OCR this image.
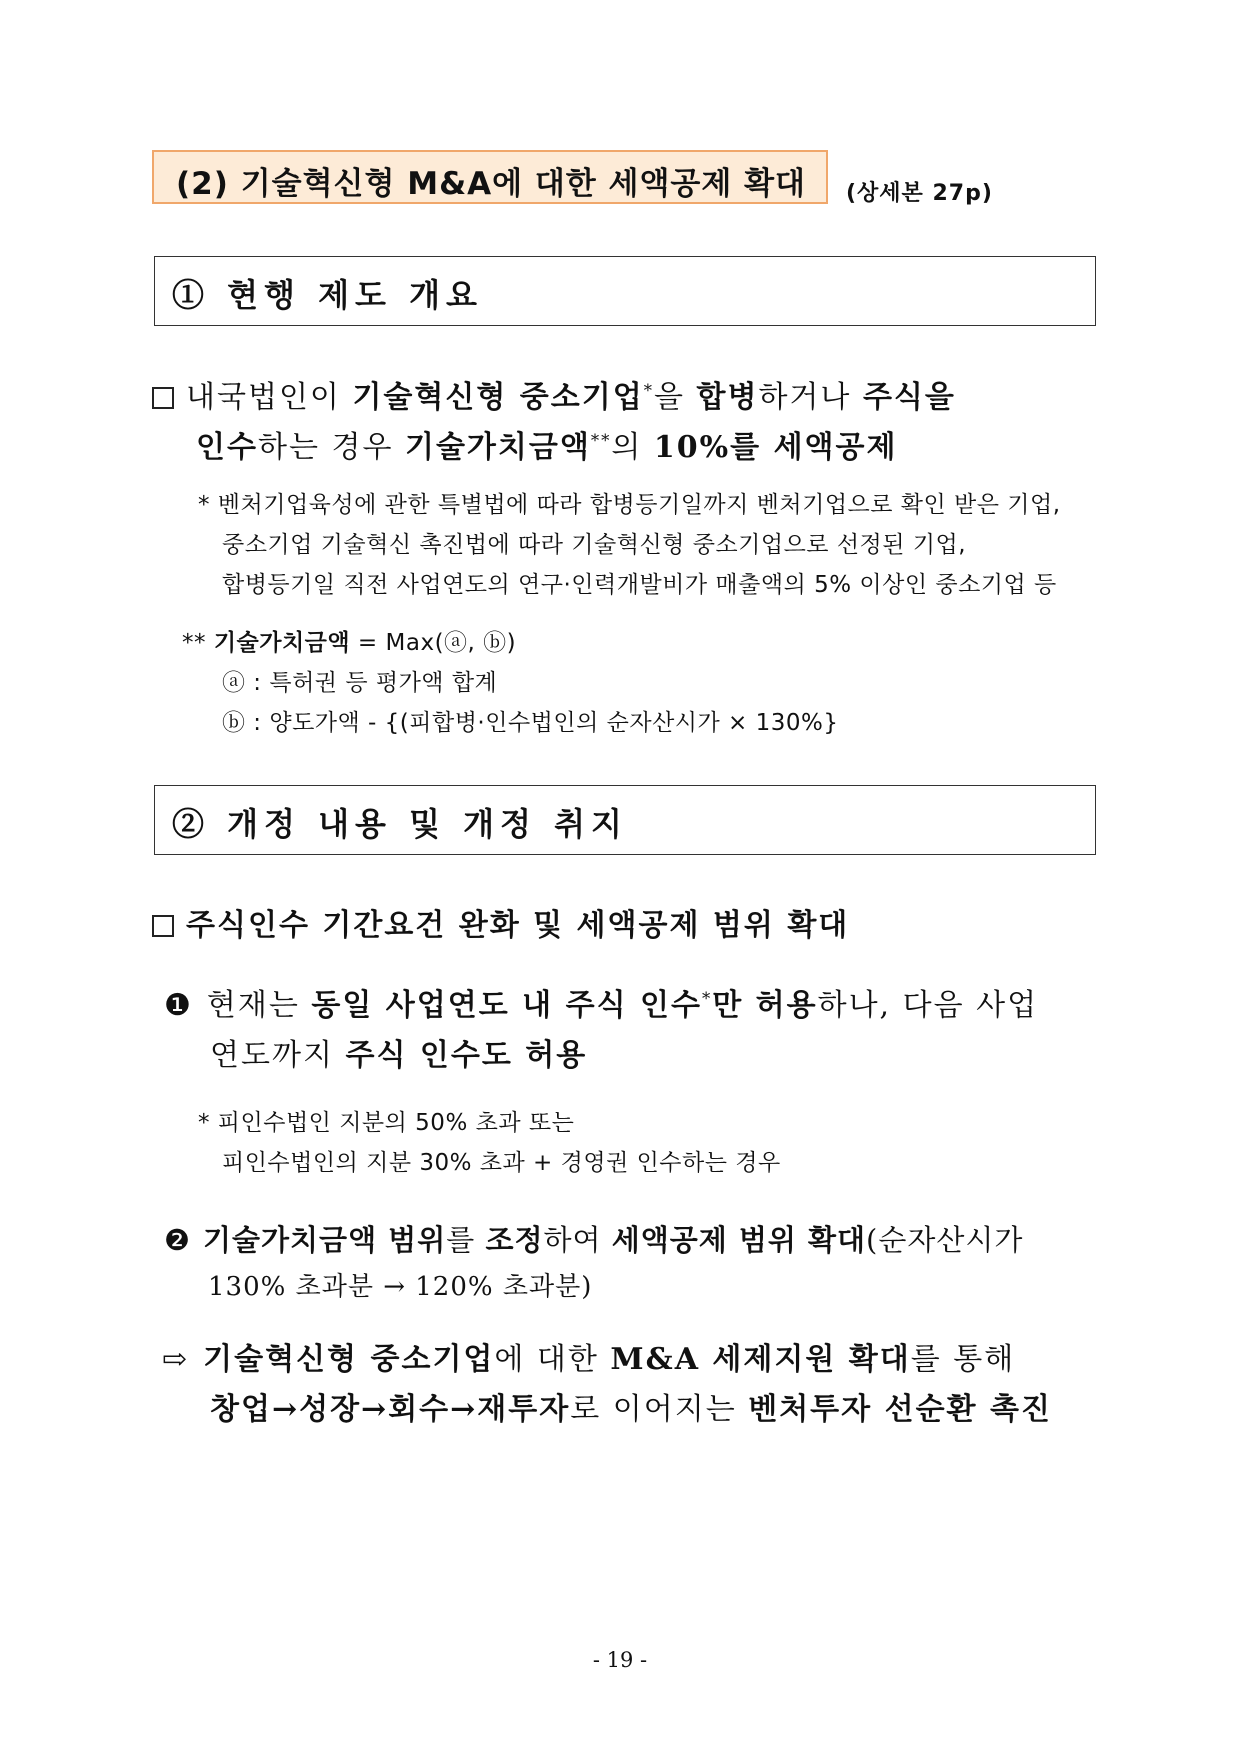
(2) 기술혁신형 M&A에 대한 세액공제 확대 (상세본 27p)
① 현행 제도 개요
내국법인이 기술혁신형 중소기업*을 합병하거나 주식을
인수하는 경우 기술가치금액**의 10%를 세액공제
* 벤처기업육성에 관한 특별법에 따라 합병등기일까지 벤처기업으로 확인 받은 기업,
중소기업 기술혁신 촉진법에 따라 기술혁신형 중소기업으로 선정된 기업,
합병등기일 직전 사업연도의 연구·인력개발비가 매출액의 5% 이상인 중소기업 등
** 기술가치금액 = Max(ⓐ, ⓑ)
ⓐ : 특허권 등 평가액 합계
ⓑ : 양도가액 - {(피합병·인수법인의 순자산시가 × 130%}
② 개정 내용 및 개정 취지
주식인수 기간요건 완화 및 세액공제 범위 확대
❶ 현재는 동일 사업연도 내 주식 인수*만 허용하나, 다음 사업
연도까지 주식 인수도 허용
* 피인수법인 지분의 50% 초과 또는
피인수법인의 지분 30% 초과 + 경영권 인수하는 경우
❷ 기술가치금액 범위를 조정하여 세액공제 범위 확대(순자산시가
130% 초과분 → 120% 초과분)
⇨ 기술혁신형 중소기업에 대한 M&A 세제지원 확대를 통해
창업→성장→회수→재투자로 이어지는 벤처투자 선순환 촉진
- 19 -
